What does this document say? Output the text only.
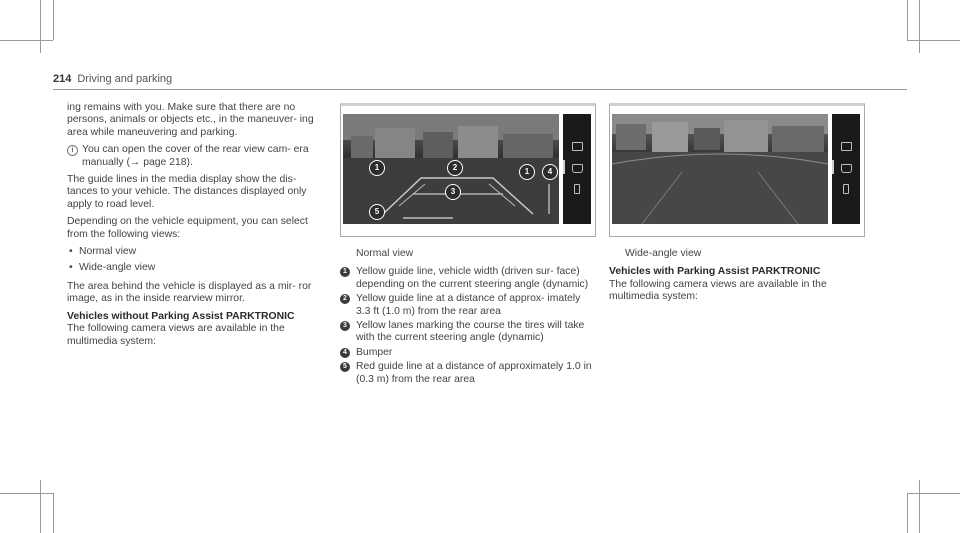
214 Driving and parking

ing remains with you. Make sure that there are no persons, animals or objects etc., in the maneuver- ing area while maneuvering and parking.

i You can open the cover of the rear view cam- era manually (→ page 218).

The guide lines in the media display show the dis- tances to your vehicle. The distances displayed only apply to road level.

Depending on the vehicle equipment, you can select from the following views:

• Normal view
• Wide-angle view

The area behind the vehicle is displayed as a mir- ror image, as in the inside rearview mirror.

Vehicles without Parking Assist PARKTRONIC

The following camera views are available in the multimedia system:

1	2	1	4
3
5

Normal view

1 Yellow guide line, vehicle width (driven sur- face) depending on the current steering angle (dynamic)
2 Yellow guide line at a distance of approx- imately 3.3 ft (1.0 m) from the rear area
3 Yellow lanes marking the course the tires will take with the current steering angle (dynamic)
4 Bumper
5 Red guide line at a distance of approximately 1.0 in (0.3 m) from the rear area

Wide-angle view

Vehicles with Parking Assist PARKTRONIC

The following camera views are available in the multimedia system:
